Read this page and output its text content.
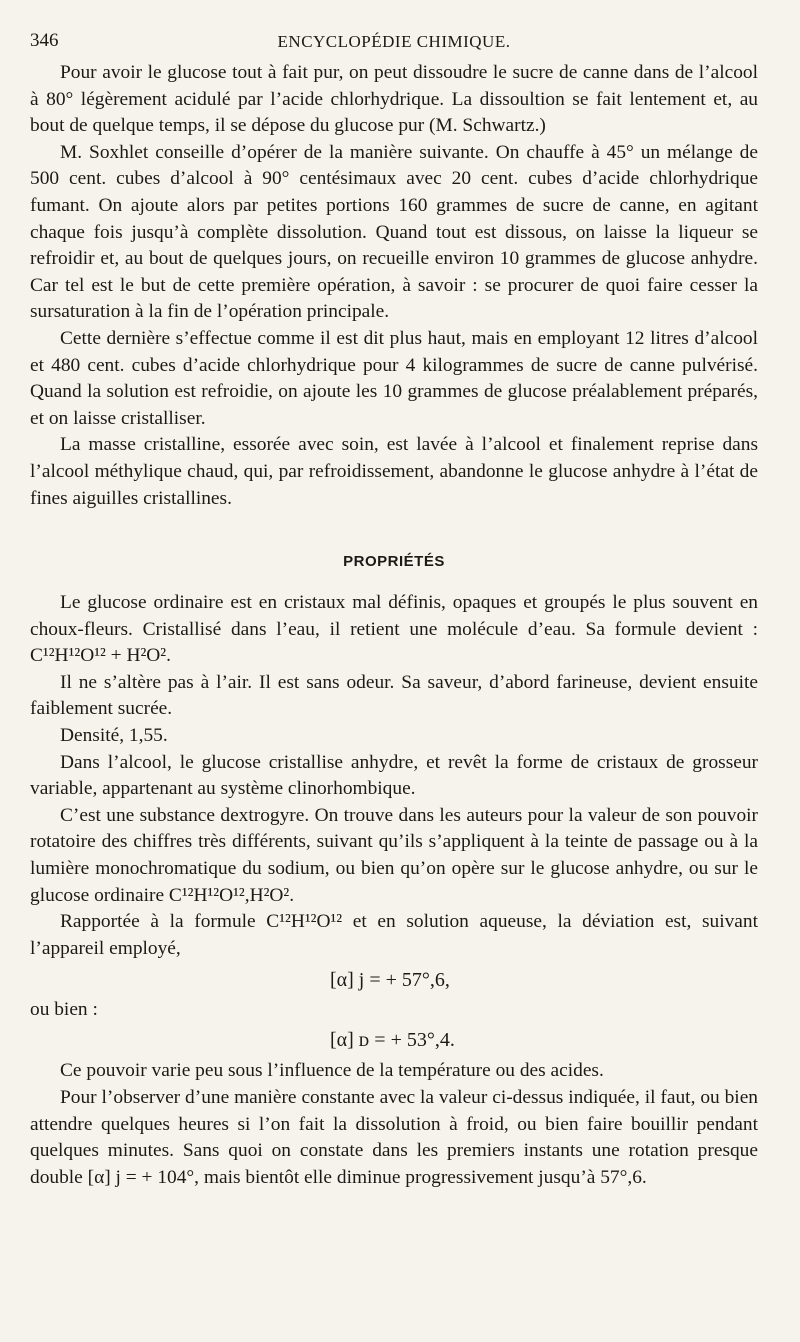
346	ENCYCLOPÉDIE CHIMIQUE.

Pour avoir le glucose tout à fait pur, on peut dissoudre le sucre de canne dans de l’alcool à 80° légèrement acidulé par l’acide chlorhydrique. La dissoultion se fait lentement et, au bout de quelque temps, il se dépose du glucose pur (M. Schwartz.)

M. Soxhlet conseille d’opérer de la manière suivante. On chauffe à 45° un mélange de 500 cent. cubes d’alcool à 90° centésimaux avec 20 cent. cubes d’acide chlorhydrique fumant. On ajoute alors par petites portions 160 grammes de sucre de canne, en agitant chaque fois jusqu’à complète dissolution. Quand tout est dissous, on laisse la liqueur se refroidir et, au bout de quelques jours, on recueille environ 10 grammes de glucose anhydre. Car tel est le but de cette première opération, à savoir : se procurer de quoi faire cesser la sursaturation à la fin de l’opération principale.

Cette dernière s’effectue comme il est dit plus haut, mais en employant 12 litres d’alcool et 480 cent. cubes d’acide chlorhydrique pour 4 kilogrammes de sucre de canne pulvérisé. Quand la solution est refroidie, on ajoute les 10 grammes de glucose préalablement préparés, et on laisse cristalliser.

La masse cristalline, essorée avec soin, est lavée à l’alcool et finalement reprise dans l’alcool méthylique chaud, qui, par refroidissement, abandonne le glucose anhydre à l’état de fines aiguilles cristallines.

PROPRIÉTÉS

Le glucose ordinaire est en cristaux mal définis, opaques et groupés le plus souvent en choux-fleurs. Cristallisé dans l’eau, il retient une molécule d’eau. Sa formule devient : C¹²H¹²O¹² + H²O².

Il ne s’altère pas à l’air. Il est sans odeur. Sa saveur, d’abord farineuse, devient ensuite faiblement sucrée.

Densité, 1,55.

Dans l’alcool, le glucose cristallise anhydre, et revêt la forme de cristaux de grosseur variable, appartenant au système clinorhombique.

C’est une substance dextrogyre. On trouve dans les auteurs pour la valeur de son pouvoir rotatoire des chiffres très différents, suivant qu’ils s’appliquent à la teinte de passage ou à la lumière monochromatique du sodium, ou bien qu’on opère sur le glucose anhydre, ou sur le glucose ordinaire C¹²H¹²O¹²,H²O².

Rapportée à la formule C¹²H¹²O¹² et en solution aqueuse, la déviation est, suivant l’appareil employé,

[α] j = + 57°,6,
ou bien :
[α] ᴅ = + 53°,4.

Ce pouvoir varie peu sous l’influence de la température ou des acides.

Pour l’observer d’une manière constante avec la valeur ci-dessus indiquée, il faut, ou bien attendre quelques heures si l’on fait la dissolution à froid, ou bien faire bouillir pendant quelques minutes. Sans quoi on constate dans les premiers instants une rotation presque double [α] j = + 104°, mais bientôt elle diminue progressivement jusqu’à 57°,6.
